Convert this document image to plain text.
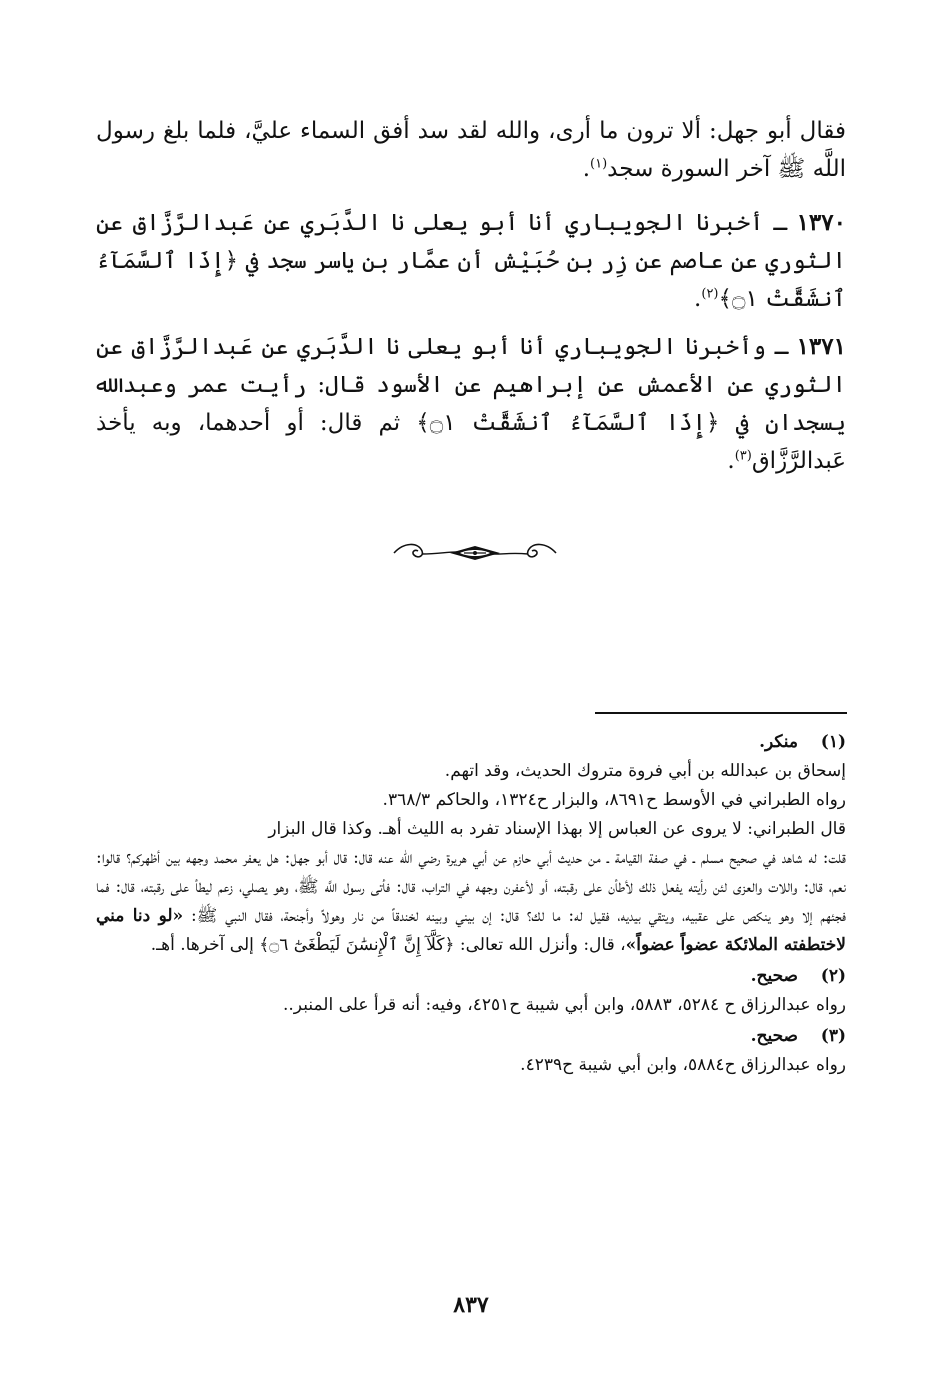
فقال أبو جهل: ألا ترون ما أرى، والله لقد سد أفق السماء عليَّ، فلما بلغ رسول اللَّه ﷺ آخر السورة سجد$^{(١)}$.

١٣٧٠ ـ أخبرنا الجويباري أنا أبو يعلى نا الدَّبَري عن عَبدالرَّزَّاق عن الثوري عن عاصم عن زِر بن حُبَيْش أن عمَّار بن ياسر سجد في ﴿إِذَا ٱلسَّمَآءُ ٱنشَقَّتْ ۝١﴾$^{(٢)}$.

١٣٧١ ـ وأخبرنا الجويباري أنا أبو يعلى نا الدَّبَري عن عَبدالرَّزَّاق عن الثوري عن الأعمش عن إبراهيم عن الأسود قال: رأيت عمر وعبدالله يسجدان في ﴿إِذَا ٱلسَّمَآءُ ٱنشَقَّتْ ۝١﴾ ثم قال: أو أحدهما، وبه يأخذ عَبدالرَّزَّاق$^{(٣)}$.

(١)
منكر.
إسحاق بن عبدالله بن أبي فروة متروك الحديث، وقد اتهم.
رواه الطبراني في الأوسط ح٨٦٩١، والبزار ح١٣٢٤، والحاكم ٣٦٨/٣.
قال الطبراني: لا يروى عن العباس إلا بهذا الإسناد تفرد به الليث أهـ. وكذا قال البزار
قلت: له شاهد في صحيح مسلم ـ في صفة القيامة ـ من حديث أبي حازم عن أبي هريرة رضي الله عنه قال: قال أبو جهل: هل يعفر محمد وجهه بين أظهركم؟ قالوا: نعم، قال: واللات والعزى لئن رأيته يفعل ذلك لأطأن على رقبته، أو لأعفرن وجهه في التراب، قال: فأتى رسول اللَّه ﷺ، وهو يصلي، زعم ليطأ على رقبته، قال: فما فجئهم إلا وهو ينكص على عقبيه، ويتقي بيديه، فقيل له: ما لك؟ قال: إن بيني وبينه لخندقاً من نار وهولاً وأجنحة، فقال النبي ﷺ: «لو دنا مني لاختطفته الملائكة عضواً عضواً»، قال: وأنزل الله تعالى: ﴿كَلَّآ إِنَّ ٱلْإِنسَٰنَ لَيَطْغَىٰٓ ۝٦﴾ إلى آخرها. أهـ.
(٢)
صحيح.
رواه عبدالرزاق ح ٥٢٨٤، ٥٨٨٣، وابن أبي شيبة ح٤٢٥١، وفيه: أنه قرأ على المنبر..
(٣)
صحيح.
رواه عبدالرزاق ح٥٨٨٤، وابن أبي شيبة ح٤٢٣٩.
٨٣٧
